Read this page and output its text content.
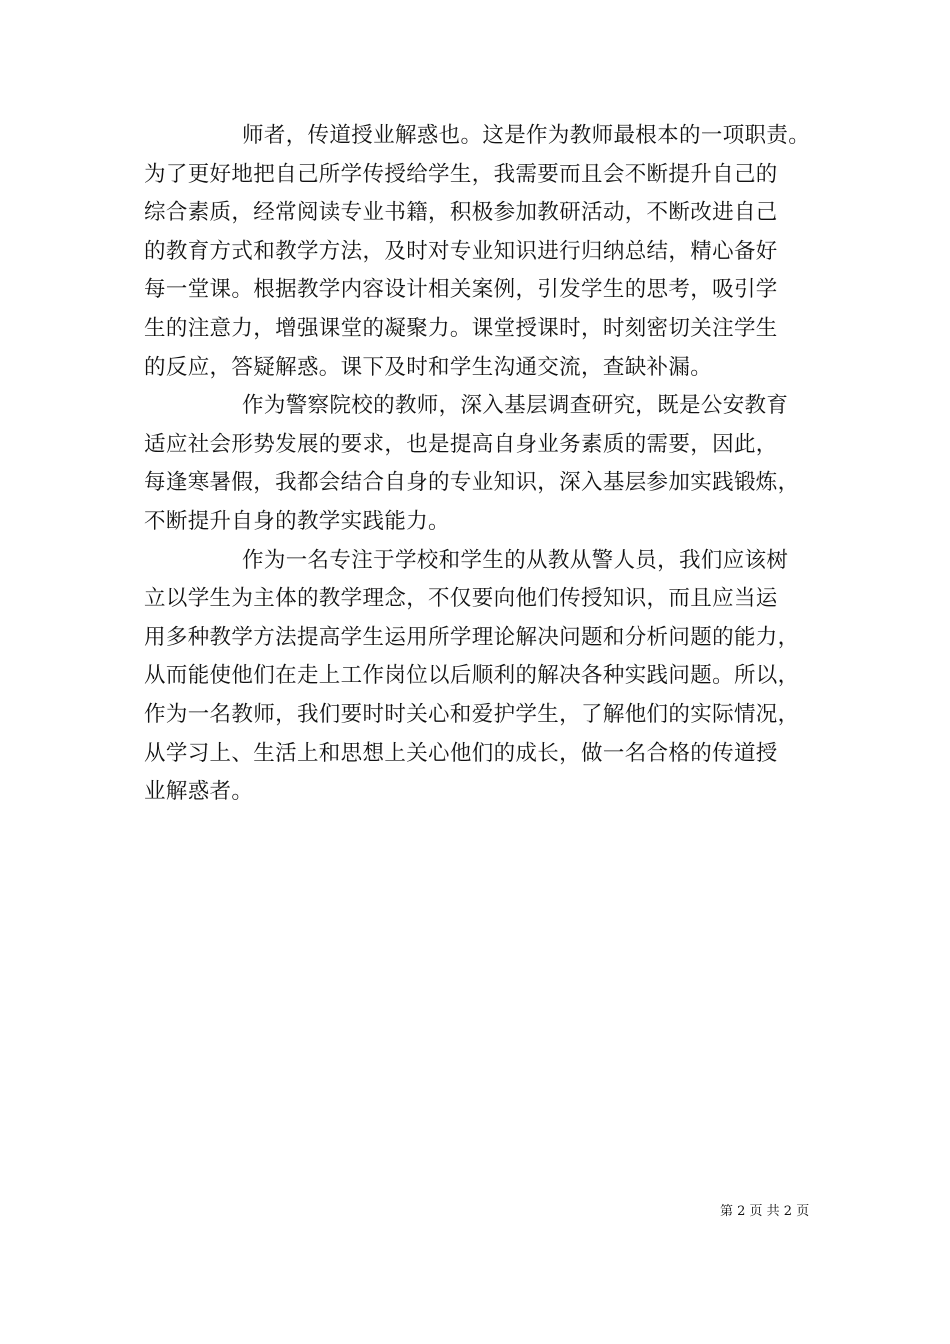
师者，传道授业解惑也。这是作为教师最根本的一项职责。
为了更好地把自己所学传授给学生，我需要而且会不断提升自己的
综合素质，经常阅读专业书籍，积极参加教研活动，不断改进自己
的教育方式和教学方法，及时对专业知识进行归纳总结，精心备好
每一堂课。根据教学内容设计相关案例，引发学生的思考，吸引学
生的注意力，增强课堂的凝聚力。课堂授课时，时刻密切关注学生
的反应，答疑解惑。课下及时和学生沟通交流，查缺补漏。
作为警察院校的教师，深入基层调查研究，既是公安教育
适应社会形势发展的要求，也是提高自身业务素质的需要，因此，
每逢寒暑假，我都会结合自身的专业知识，深入基层参加实践锻炼，
不断提升自身的教学实践能力。
作为一名专注于学校和学生的从教从警人员，我们应该树
立以学生为主体的教学理念，不仅要向他们传授知识，而且应当运
用多种教学方法提高学生运用所学理论解决问题和分析问题的能力，
从而能使他们在走上工作岗位以后顺利的解决各种实践问题。所以，
作为一名教师，我们要时时关心和爱护学生，了解他们的实际情况，
从学习上、生活上和思想上关心他们的成长，做一名合格的传道授
业解惑者。
第 2 页 共 2 页
